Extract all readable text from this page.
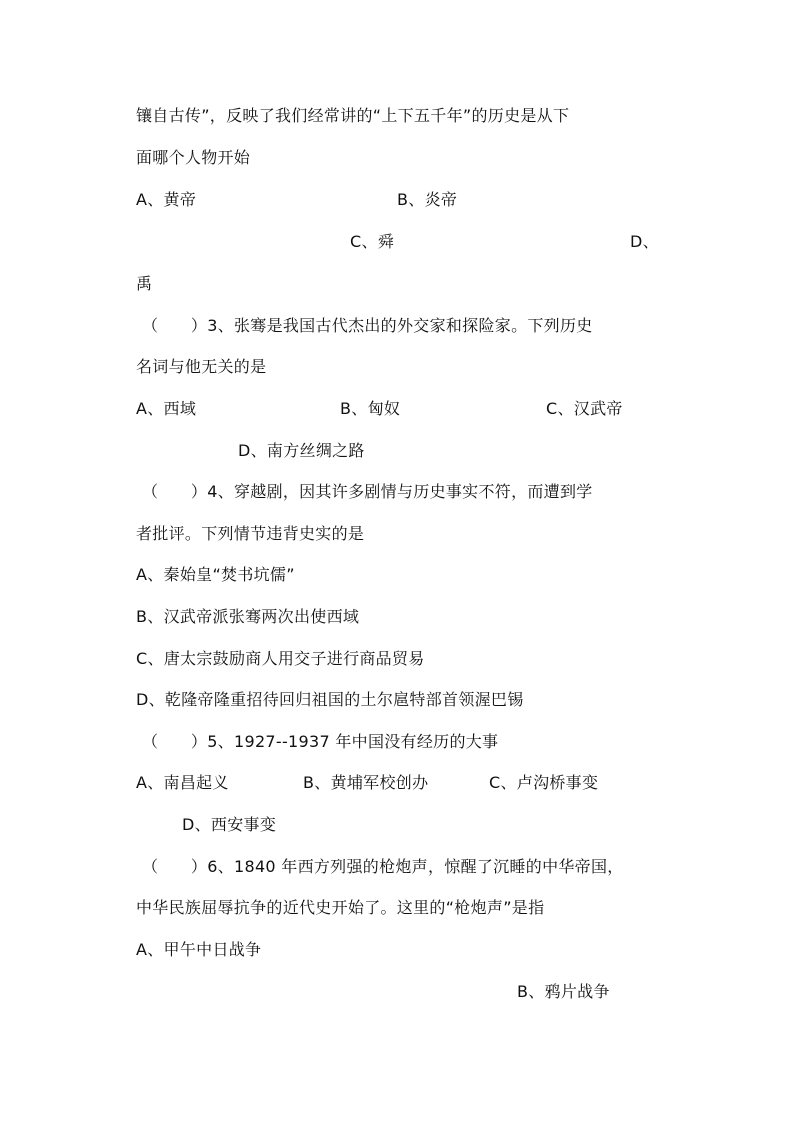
镶自古传”，反映了我们经常讲的“上下五千年”的历史是从下
面哪个人物开始
A、黄帝	B、炎帝
C、舜	D、
禹
（　　）3、张骞是我国古代杰出的外交家和探险家。下列历史
名词与他无关的是
A、西域	B、匈奴	C、汉武帝
D、南方丝绸之路
（　　）4、穿越剧，因其许多剧情与历史事实不符，而遭到学
者批评。下列情节违背史实的是
A、秦始皇“焚书坑儒”
B、汉武帝派张骞两次出使西域
C、唐太宗鼓励商人用交子进行商品贸易
D、乾隆帝隆重招待回归祖国的土尔扈特部首领渥巴锡
（　　）5、1927--1937 年中国没有经历的大事
A、南昌起义	B、黄埔军校创办	C、卢沟桥事变
D、西安事变
（　　）6、1840 年西方列强的枪炮声，惊醒了沉睡的中华帝国，
中华民族屈辱抗争的近代史开始了。这里的“枪炮声”是指
A、甲午中日战争
B、鸦片战争
